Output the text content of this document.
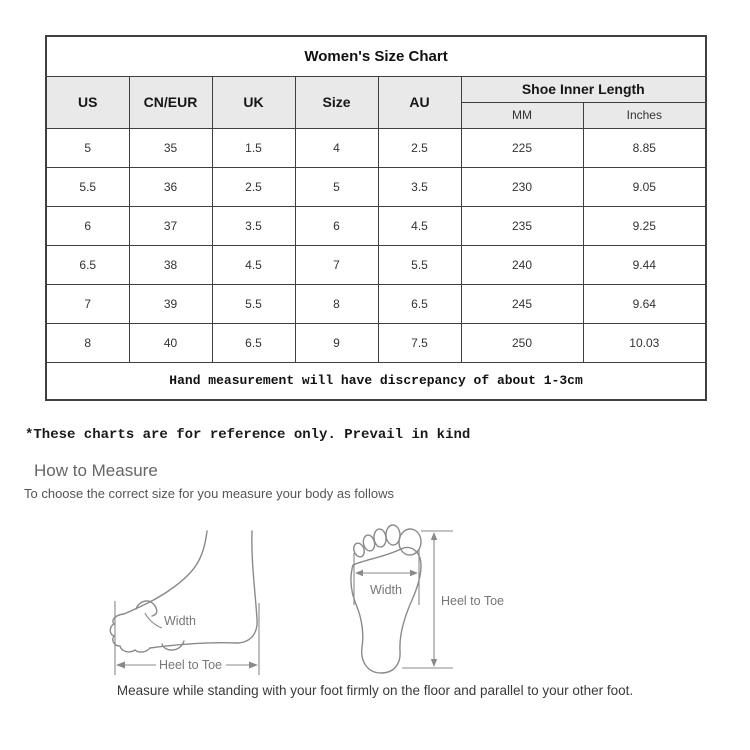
Women's Size Chart						
US	CN/EUR	UK	Size	AU	Shoe Inner Length	
					MM	Inches
5	35	1.5	4	2.5	225	8.85
5.5	36	2.5	5	3.5	230	9.05
6	37	3.5	6	4.5	235	9.25
6.5	38	4.5	7	5.5	240	9.44
7	39	5.5	8	6.5	245	9.64
8	40	6.5	9	7.5	250	10.03
Hand measurement will have discrepancy of about 1-3cm						
*These charts are for reference only. Prevail in kind
How to Measure
To choose the correct size for you measure your body as follows
Width
Heel to Toe
Width
Heel to Toe
Measure while standing with your foot firmly on the floor and parallel to your other foot.
